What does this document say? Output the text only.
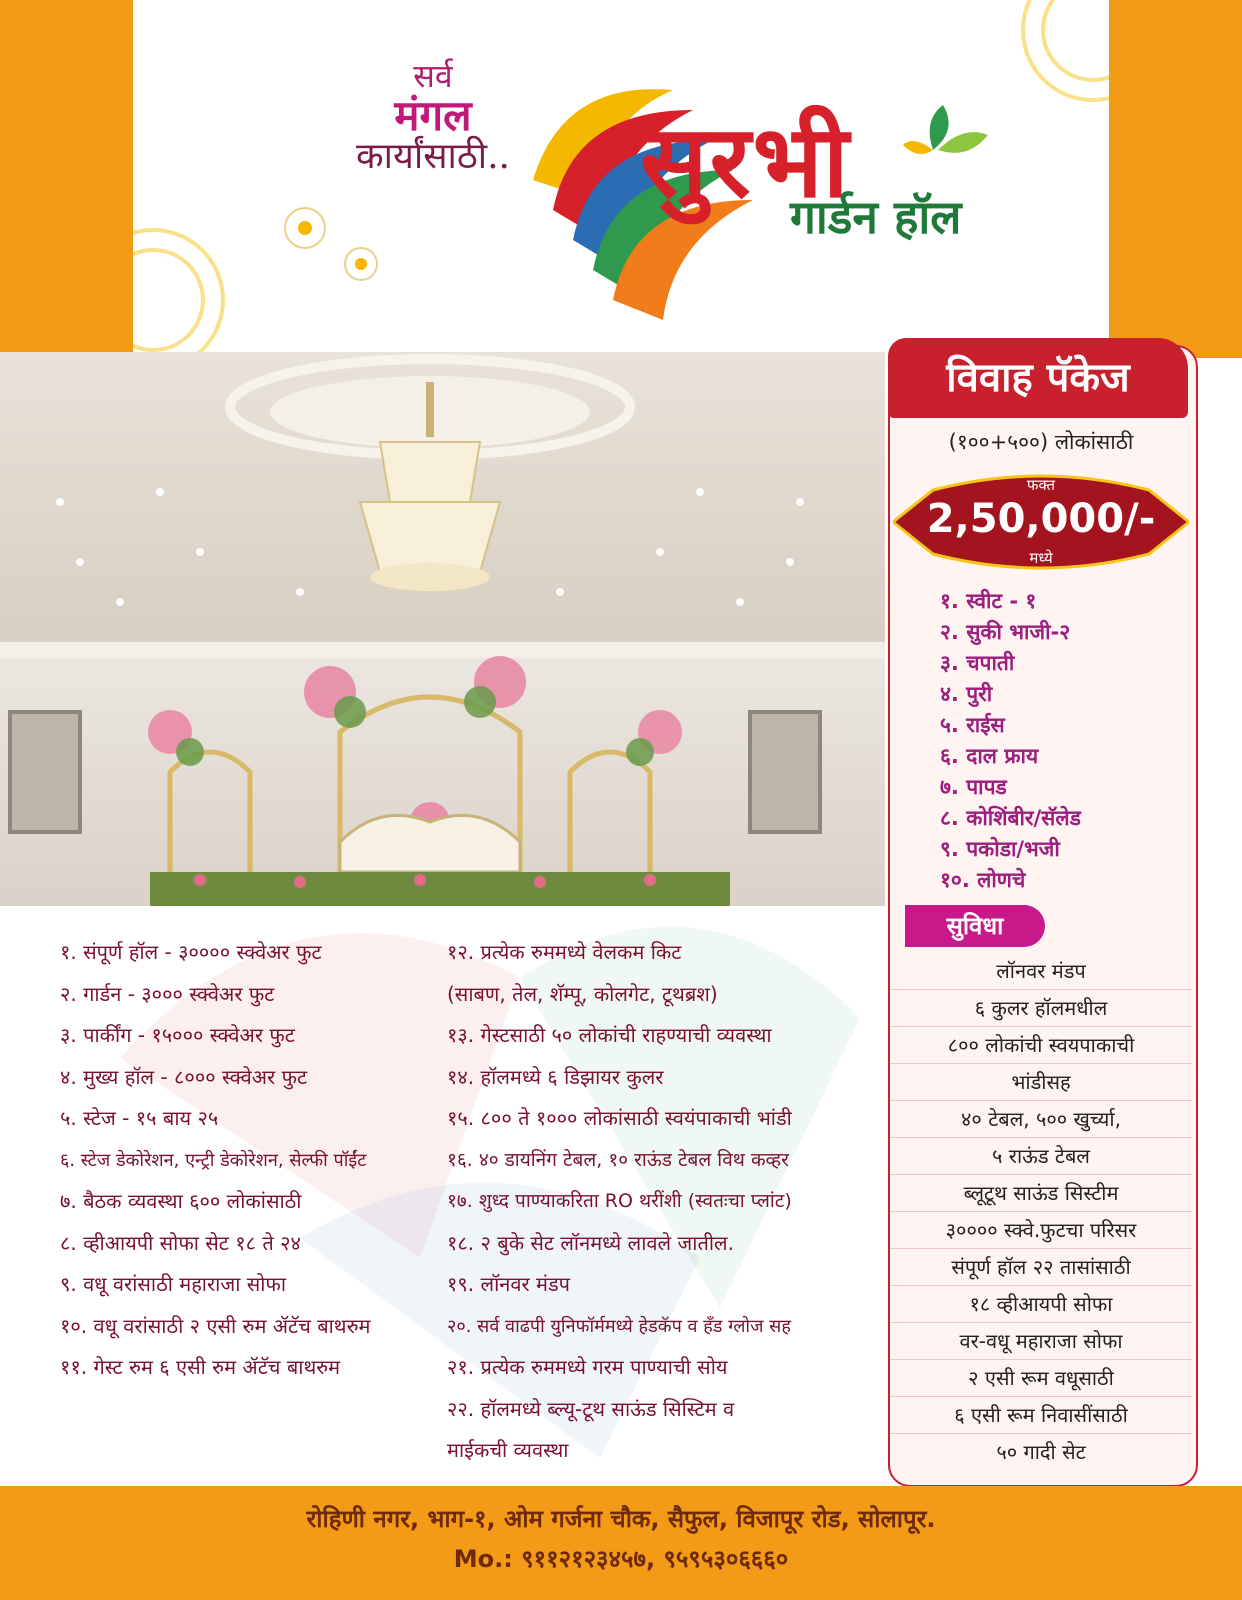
सर्व
मंगल
कार्यांसाठी..	सुरभी
गार्डन हॉल
विवाह पॅकेज
(१००+५००) लोकांसाठी
फक्त
2,50,000/-
मध्ये
१. स्वीट - १
२. सुकी भाजी-२
३. चपाती
४. पुरी
५. राईस
६. दाल फ्राय
७. पापड
८. कोशिंबीर/सॅलेड
९. पकोडा/भजी
१०. लोणचे
सुविधा
लॉनवर मंडप
६ कुलर हॉलमधील
८०० लोकांची स्वयपाकाची
भांडीसह
४० टेबल, ५०० खुर्च्या,
५ राऊंड टेबल
ब्लूटूथ साऊंड सिस्टीम
३०००० स्क्वे.फुटचा परिसर
संपूर्ण हॉल २२ तासांसाठी
१८ व्हीआयपी सोफा
वर-वधू महाराजा सोफा
२ एसी रूम वधूसाठी
६ एसी रूम निवासींसाठी
५० गादी सेट
१. संपूर्ण हॉल - ३०००० स्क्वेअर फुट
२. गार्डन - ३००० स्क्वेअर फुट
३. पार्कींग - १५००० स्क्वेअर फुट
४. मुख्य हॉल - ८००० स्क्वेअर फुट
५. स्टेज - १५ बाय २५
६. स्टेज डेकोरेशन, एन्ट्री डेकोरेशन, सेल्फी पॉईंट
७. बैठक व्यवस्था ६०० लोकांसाठी
८. व्हीआयपी सोफा सेट १८ ते २४
९. वधू वरांसाठी महाराजा सोफा
१०. वधू वरांसाठी २ एसी रुम ॲटॅच बाथरुम
११. गेस्ट रुम ६ एसी रुम ॲटॅच बाथरुम
१२. प्रत्येक रुममध्ये वेलकम किट
(साबण, तेल, शॅम्पू, कोलगेट, टूथब्रश)
१३. गेस्टसाठी ५० लोकांची राहण्याची व्यवस्था
१४. हॉलमध्ये ६ डिझायर कुलर
१५. ८०० ते १००० लोकांसाठी स्वयंपाकाची भांडी
१६. ४० डायनिंग टेबल, १० राऊंड टेबल विथ कव्हर
१७. शुध्द पाण्याकरिता RO थरींशी (स्वतःचा प्लांट)
१८. २ बुके सेट लॉनमध्ये लावले जातील.
१९. लॉनवर मंडप
२०. सर्व वाढपी युनिफॉर्ममध्ये हेडकॅप व हॅंड ग्लोज सह
२१. प्रत्येक रुममध्ये गरम पाण्याची सोय
२२. हॉलमध्ये ब्ल्यू-टूथ साऊंड सिस्टिम व
माईकची व्यवस्था
रोहिणी नगर, भाग-१, ओम गर्जना चौक, सैफुल, विजापूर रोड, सोलापूर.
Mo.: ९११२१२३४५७, ९५९५३०६६६०
